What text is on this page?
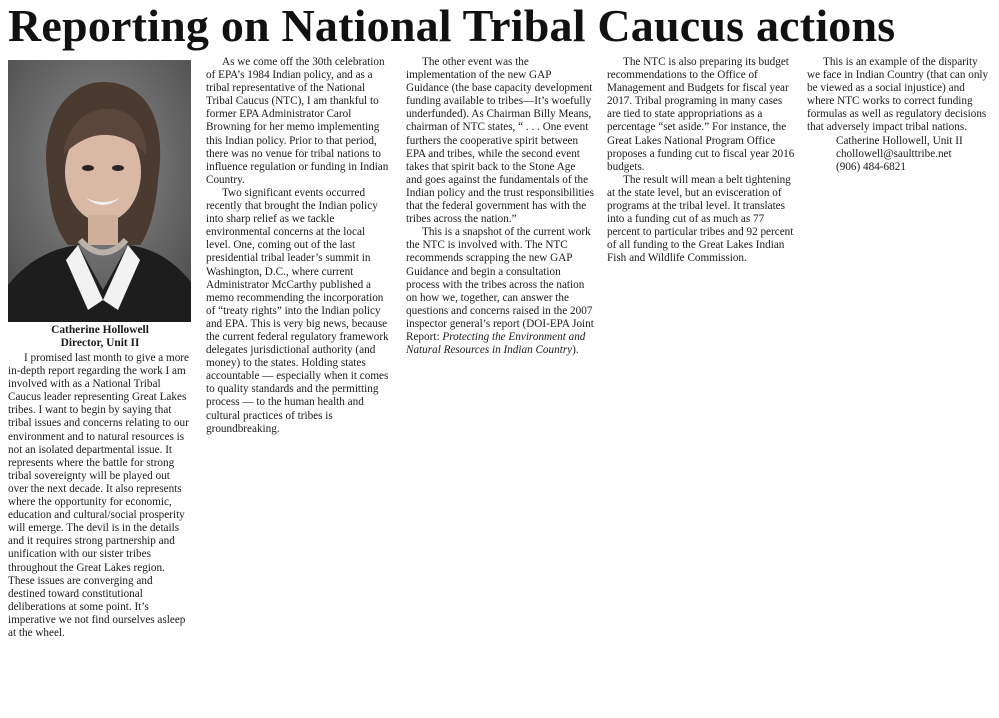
Reporting on National Tribal Caucus actions
Catherine Hollowell
Director, Unit II

I promised last month to give a more in-depth report regarding the work I am involved with as a National Tribal Caucus leader representing Great Lakes tribes. I want to begin by saying that tribal issues and concerns relating to our environment and to natural resources is not an isolated departmental issue. It represents where the battle for strong tribal sovereignty will be played out over the next decade. It also represents where the opportunity for economic, education and cultural/social prosperity will emerge. The devil is in the details and it requires strong partnership and unification with our sister tribes throughout the Great Lakes region. These issues are converging and destined toward constitutional deliberations at some point. It’s imperative we not find ourselves asleep at the wheel.

As we come off the 30th celebration of EPA’s 1984 Indian policy, and as a tribal representative of the National Tribal Caucus (NTC), I am thankful to former EPA Administrator Carol Browning for her memo implementing this Indian policy. Prior to that period, there was no venue for tribal nations to influence regulation or funding in Indian Country.

Two significant events occurred recently that brought the Indian policy into sharp relief as we tackle environmental concerns at the local level. One, coming out of the last presidential tribal leader’s summit in Washington, D.C., where current Administrator McCarthy published a memo recommending the incorporation of “treaty rights” into the Indian policy and EPA. This is very big news, because the current federal regulatory framework delegates jurisdictional authority (and money) to the states. Holding states accountable — especially when it comes to quality standards and the permitting process — to the human health and cultural practices of tribes is groundbreaking.

The other event was the implementation of the new GAP Guidance (the base capacity development funding available to tribes—It’s woefully underfunded). As Chairman Billy Means, chairman of NTC states, “ . . . One event furthers the cooperative spirit between EPA and tribes, while the second event takes that spirit back to the Stone Age and goes against the fundamentals of the Indian policy and the trust responsibilities that the federal government has with the tribes across the nation.”

This is a snapshot of the current work the NTC is involved with. The NTC recommends scrapping the new GAP Guidance and begin a consultation process with the tribes across the nation on how we, together, can answer the questions and concerns raised in the 2007 inspector general’s report (DOI-EPA Joint Report: Protecting the Environment and Natural Resources in Indian Country).

The NTC is also preparing its budget recommendations to the Office of Management and Budgets for fiscal year 2017. Tribal programing in many cases are tied to state appropriations as a percentage “set aside.” For instance, the Great Lakes National Program Office proposes a funding cut to fiscal year 2016 budgets.

The result will mean a belt tightening at the state level, but an evisceration of programs at the tribal level. It translates into a funding cut of as much as 77 percent to particular tribes and 92 percent of all funding to the Great Lakes Indian Fish and Wildlife Commission.

This is an example of the disparity we face in Indian Country (that can only be viewed as a social injustice) and where NTC works to correct funding formulas as well as regulatory decisions that adversely impact tribal nations.

Catherine Hollowell, Unit II
chollowell@saulttribe.net
(906) 484-6821
